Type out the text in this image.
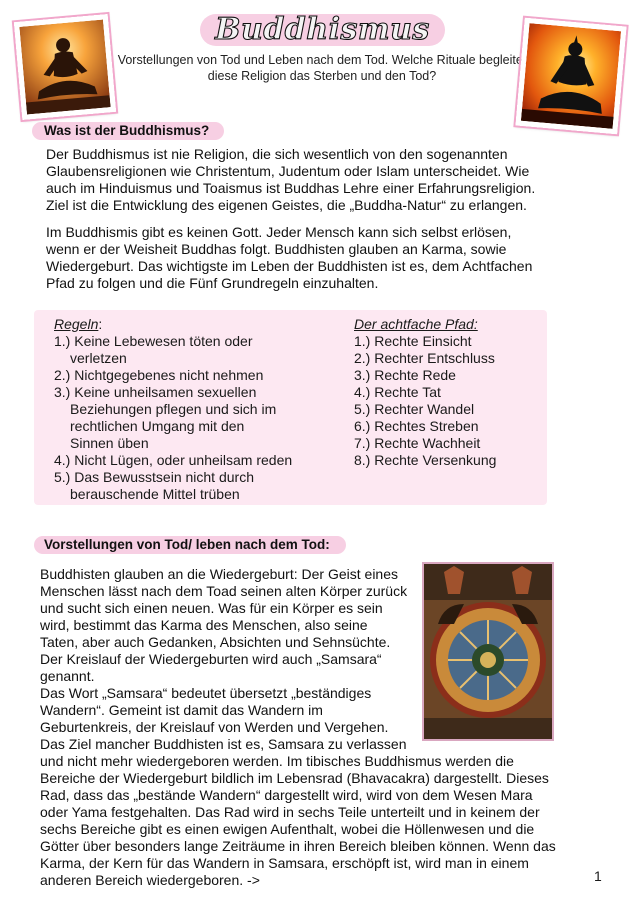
Buddhismus
Vorstellungen von Tod und Leben nach dem Tod. Welche Rituale begleitet
diese Religion das Sterben und den Tod?
Was ist der Buddhismus?
Der Buddhismus ist nie Religion, die sich wesentlich von den sogenannten
Glaubensreligionen wie Christentum, Judentum oder Islam unterscheidet. Wie
auch im Hinduismus und Toaismus ist Buddhas Lehre einer Erfahrungsreligion.
Ziel ist die Entwicklung des eigenen Geistes, die „Buddha-Natur“ zu erlangen.
Im Buddhismis gibt es keinen Gott. Jeder Mensch kann sich selbst erlösen,
wenn er der Weisheit Buddhas folgt. Buddhisten glauben an Karma, sowie
Wiedergeburt. Das wichtigste im Leben der Buddhisten ist es, dem Achtfachen
Pfad zu folgen und die Fünf Grundregeln einzuhalten.
Regeln:
1.) Keine Lebewesen töten oder
verletzen
2.) Nichtgegebenes nicht nehmen
3.) Keine unheilsamen sexuellen
Beziehungen pflegen und sich im
rechtlichen Umgang mit den
Sinnen üben
4.) Nicht Lügen, oder unheilsam reden
5.) Das Bewusstsein nicht durch
berauschende Mittel trüben
Der achtfache Pfad:
1.) Rechte Einsicht
2.) Rechter Entschluss
3.) Rechte Rede
4.) Rechte Tat
5.) Rechter Wandel
6.) Rechtes Streben
7.) Rechte Wachheit
8.) Rechte Versenkung
Vorstellungen von Tod/ leben nach dem Tod:
Buddhisten glauben an die Wiedergeburt: Der Geist eines
Menschen lässt nach dem Toad seinen alten Körper zurück
und sucht sich einen neuen. Was für ein Körper es sein
wird, bestimmt das Karma des Menschen, also seine
Taten, aber auch Gedanken, Absichten und Sehnsüchte.
Der Kreislauf der Wiedergeburten wird auch „Samsara“
genannt.
Das Wort „Samsara“ bedeutet übersetzt „beständiges
Wandern“. Gemeint ist damit das Wandern im
Geburtenkreis, der Kreislauf von Werden und Vergehen.
Das Ziel mancher Buddhisten ist es, Samsara zu verlassen
und nicht mehr wiedergeboren werden. Im tibisches Buddhismus werden die
Bereiche der Wiedergeburt bildlich im Lebensrad (Bhavacakra) dargestellt. Dieses
Rad, dass das „bestände Wandern“ dargestellt wird, wird von dem Wesen Mara
oder Yama festgehalten. Das Rad wird in sechs Teile unterteilt und in keinem der
sechs Bereiche gibt es einen ewigen Aufenthalt, wobei die Höllenwesen und die
Götter über besonders lange Zeiträume in ihren Bereich bleiben können. Wenn das
Karma, der Kern für das Wandern in Samsara, erschöpft ist, wird man in einem
anderen Bereich wiedergeboren. ->	1
